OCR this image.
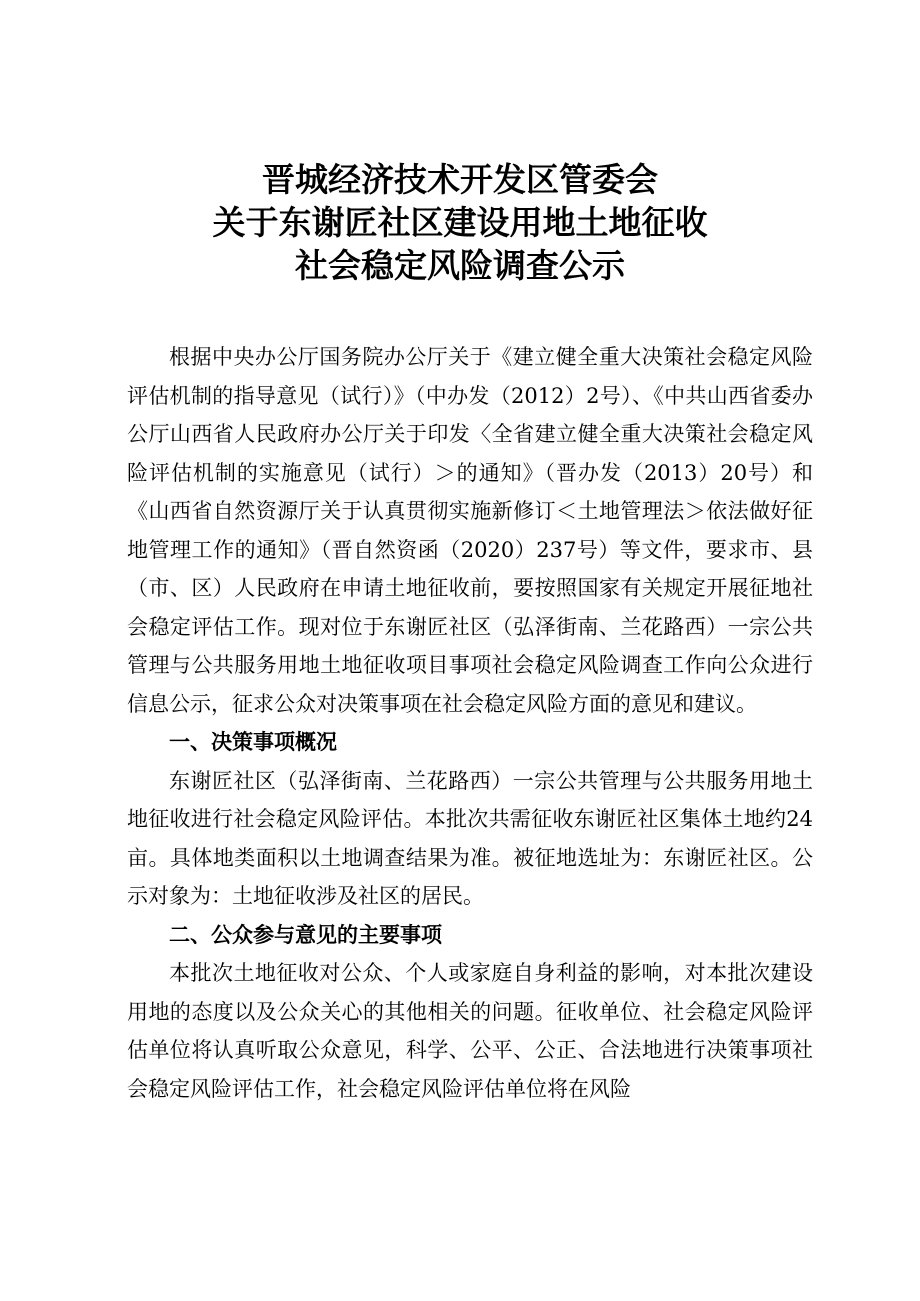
晋城经济技术开发区管委会
关于东谢匠社区建设用地土地征收
社会稳定风险调查公示

根据中央办公厅国务院办公厅关于《建立健全重大决策社会稳定风险评估机制的指导意见（试行）》（中办发（2012）2号）、《中共山西省委办公厅山西省人民政府办公厅关于印发〈全省建立健全重大决策社会稳定风险评估机制的实施意见（试行）＞的通知》（晋办发（2013）20号）和《山西省自然资源厅关于认真贯彻实施新修订＜土地管理法＞依法做好征地管理工作的通知》（晋自然资函（2020）237号）等文件，要求市、县（市、区）人民政府在申请土地征收前，要按照国家有关规定开展征地社会稳定评估工作。现对位于东谢匠社区（弘泽街南、兰花路西）一宗公共管理与公共服务用地土地征收项目事项社会稳定风险调查工作向公众进行信息公示，征求公众对决策事项在社会稳定风险方面的意见和建议。

一、决策事项概况

东谢匠社区（弘泽街南、兰花路西）一宗公共管理与公共服务用地土地征收进行社会稳定风险评估。本批次共需征收东谢匠社区集体土地约24亩。具体地类面积以土地调查结果为准。被征地选址为：东谢匠社区。公示对象为：土地征收涉及社区的居民。

二、公众参与意见的主要事项

本批次土地征收对公众、个人或家庭自身利益的影响，对本批次建设用地的态度以及公众关心的其他相关的问题。征收单位、社会稳定风险评估单位将认真听取公众意见，科学、公平、公正、合法地进行决策事项社会稳定风险评估工作，社会稳定风险评估单位将在风险
